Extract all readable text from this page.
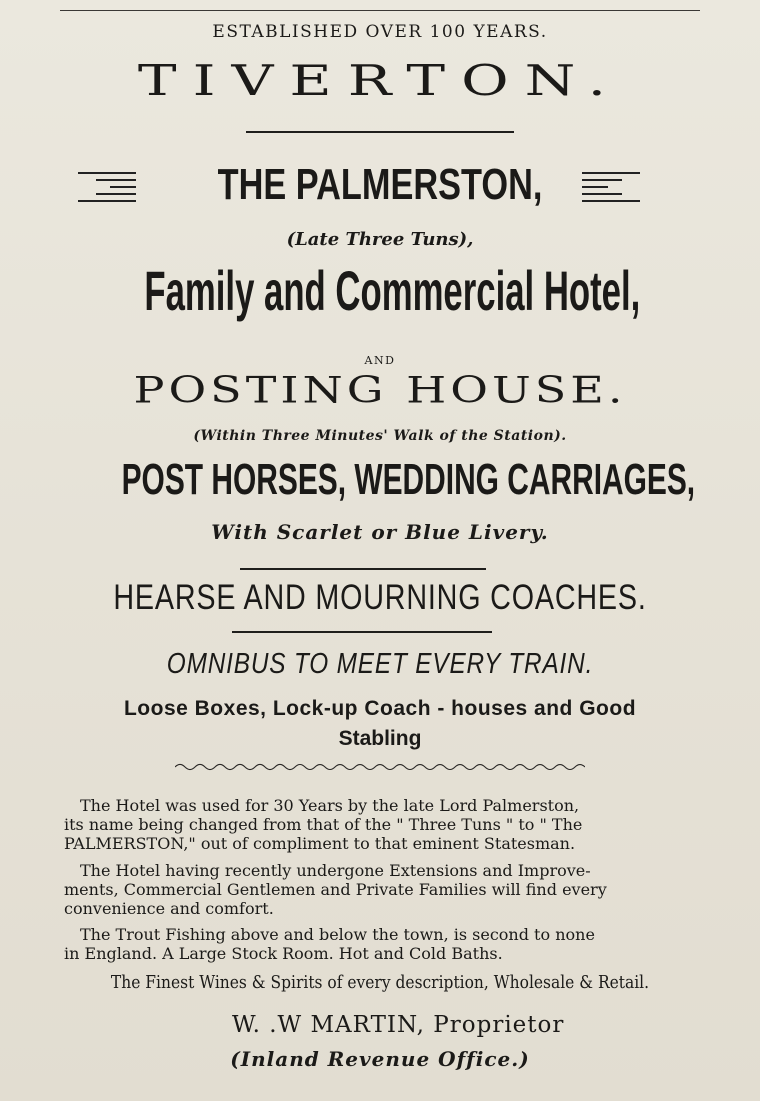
ESTABLISHED OVER 100 YEARS.
TIVERTON.
THE PALMERSTON,
(Late Three Tuns),
Family and Commercial Hotel,
AND
POSTING HOUSE.
(Within Three Minutes' Walk of the Station).
POST HORSES, WEDDING CARRIAGES,
With Scarlet or Blue Livery.
HEARSE AND MOURNING COACHES.
OMNIBUS TO MEET EVERY TRAIN.
Loose Boxes, Lock-up Coach - houses and Good
Stabling
The Hotel was used for 30 Years by the late Lord Palmerston,
its name being changed from that of the " Three Tuns " to " The
PALMERSTON," out of compliment to that eminent Statesman.
The Hotel having recently undergone Extensions and Improve-
ments, Commercial Gentlemen and Private Families will find every
convenience and comfort.
The Trout Fishing above and below the town, is second to none
in England. A Large Stock Room. Hot and Cold Baths.
The Finest Wines & Spirits of every description, Wholesale & Retail.
W. .W MARTIN, Proprietor
(Inland Revenue Office.)
